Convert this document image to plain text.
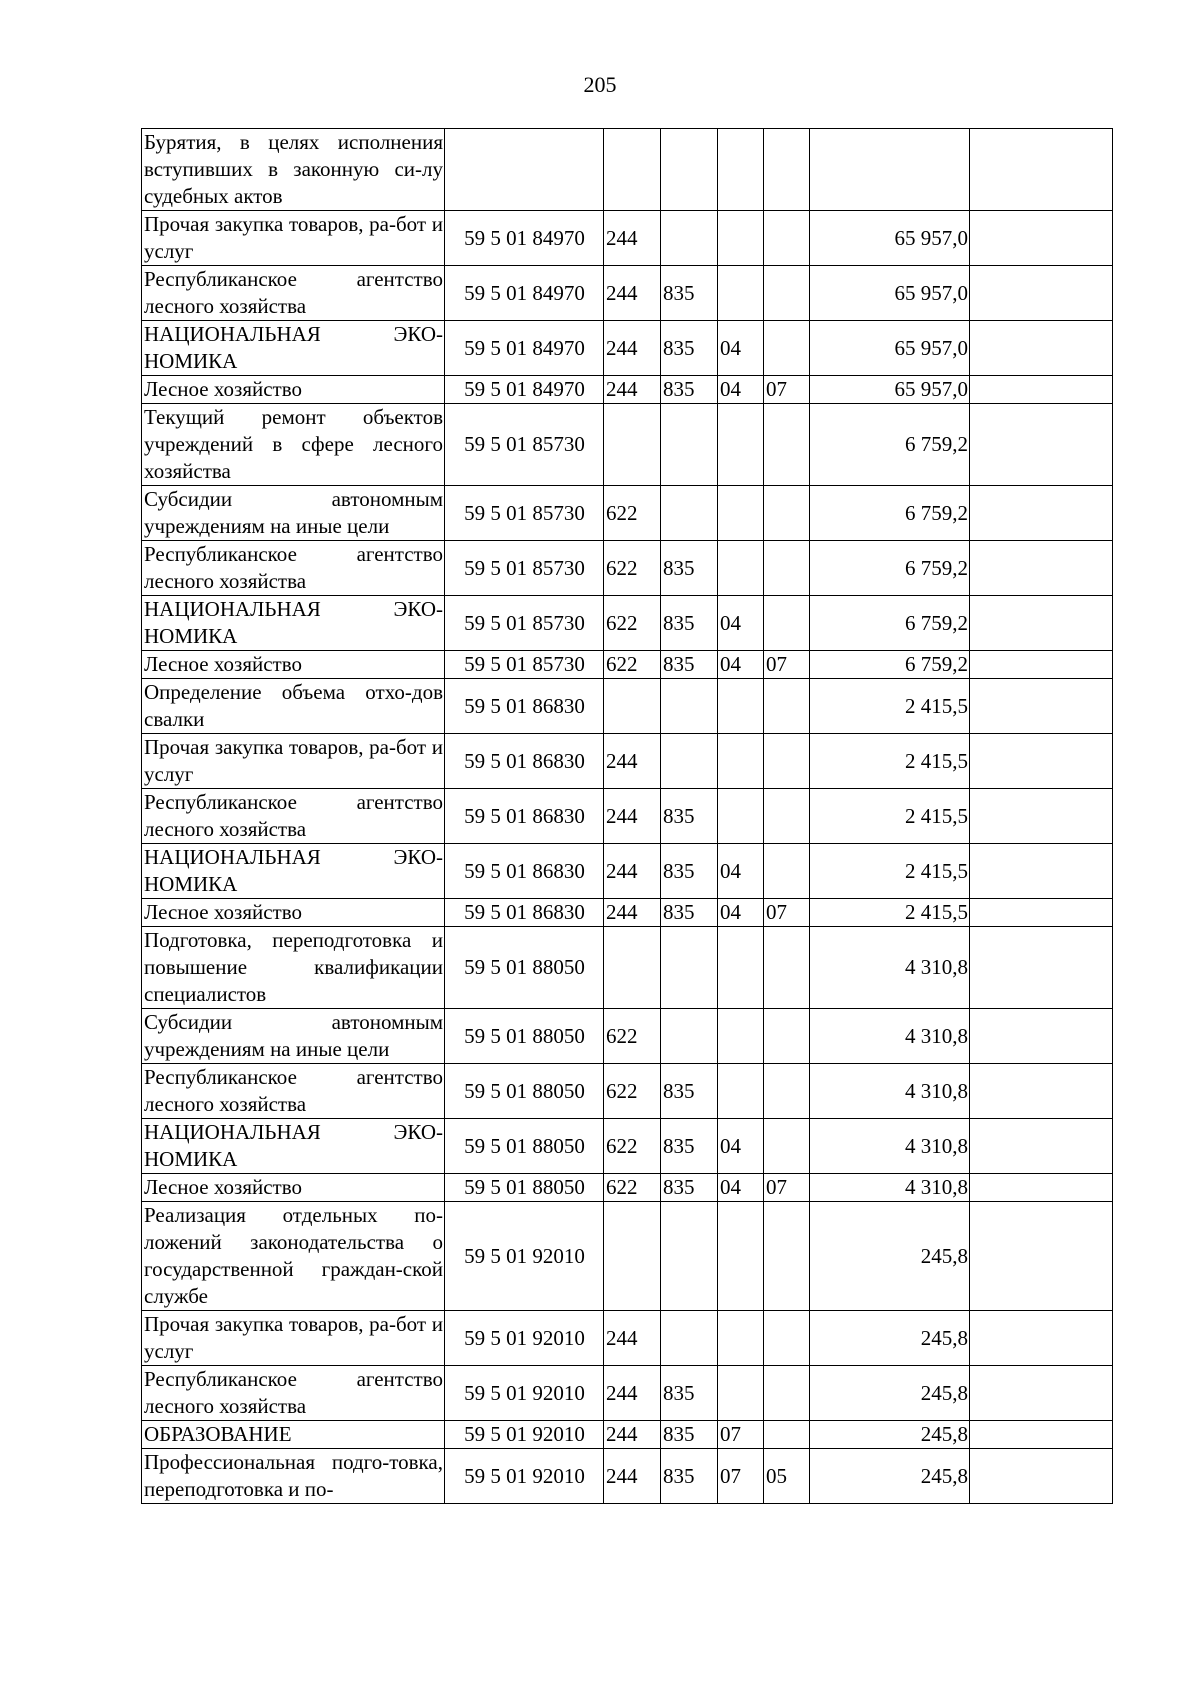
205
Бурятия, в целях исполнения вступивших в законную си-лу судебных актов							
Прочая закупка товаров, ра-бот и услуг	59 5 01 84970	244				65 957,0	
Республиканское агентство лесного хозяйства	59 5 01 84970	244	835			65 957,0	
НАЦИОНАЛЬНАЯ ЭКО-НОМИКА	59 5 01 84970	244	835	04		65 957,0	
Лесное хозяйство	59 5 01 84970	244	835	04	07	65 957,0	
Текущий ремонт объектов учреждений в сфере лесного хозяйства	59 5 01 85730					6 759,2	
Субсидии автономным учреждениям на иные цели	59 5 01 85730	622				6 759,2	
Республиканское агентство лесного хозяйства	59 5 01 85730	622	835			6 759,2	
НАЦИОНАЛЬНАЯ ЭКО-НОМИКА	59 5 01 85730	622	835	04		6 759,2	
Лесное хозяйство	59 5 01 85730	622	835	04	07	6 759,2	
Определение объема отхо-дов свалки	59 5 01 86830					2 415,5	
Прочая закупка товаров, ра-бот и услуг	59 5 01 86830	244				2 415,5	
Республиканское агентство лесного хозяйства	59 5 01 86830	244	835			2 415,5	
НАЦИОНАЛЬНАЯ ЭКО-НОМИКА	59 5 01 86830	244	835	04		2 415,5	
Лесное хозяйство	59 5 01 86830	244	835	04	07	2 415,5	
Подготовка, переподготовка и повышение квалификации специалистов	59 5 01 88050					4 310,8	
Субсидии автономным учреждениям на иные цели	59 5 01 88050	622				4 310,8	
Республиканское агентство лесного хозяйства	59 5 01 88050	622	835			4 310,8	
НАЦИОНАЛЬНАЯ ЭКО-НОМИКА	59 5 01 88050	622	835	04		4 310,8	
Лесное хозяйство	59 5 01 88050	622	835	04	07	4 310,8	
Реализация отдельных по-ложений законодательства о государственной граждан-ской службе	59 5 01 92010					245,8	
Прочая закупка товаров, ра-бот и услуг	59 5 01 92010	244				245,8	
Республиканское агентство лесного хозяйства	59 5 01 92010	244	835			245,8	
ОБРАЗОВАНИЕ	59 5 01 92010	244	835	07		245,8	
Профессиональная подго-товка, переподготовка и по-	59 5 01 92010	244	835	07	05	245,8	
